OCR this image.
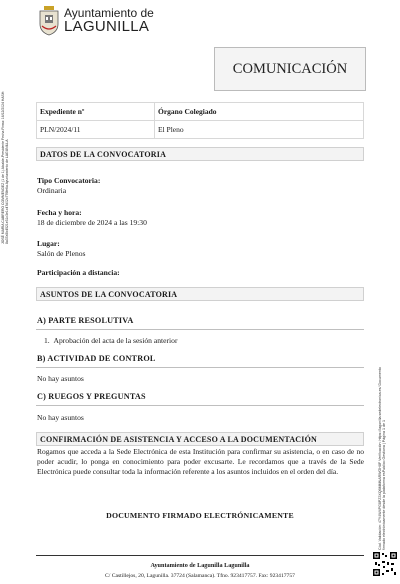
Ayuntamiento de
LAGUNILLA
COMUNICACIÓN
Expediente nº	Órgano Colegiado
PLN/2024/11	El Pleno
DATOS DE LA CONVOCATORIA
Tipo Convocatoria:
Ordinaria
Fecha y hora:
18 de diciembre de 2024 a las 19:30
Lugar:
Salón de Plenos
Participación a distancia:
ASUNTOS DE LA CONVOCATORIA
A) PARTE RESOLUTIVA
1.  Aprobación del acta de la sesión anterior
B) ACTIVIDAD DE CONTROL
No hay asuntos
C) RUEGOS Y PREGUNTAS
No hay asuntos
CONFIRMACIÓN DE ASISTENCIA Y ACCESO A LA DOCUMENTACIÓN
Rogamos que acceda a la Sede Electrónica de esta Institución para confirmar su asistencia, o en caso de no poder acudir, lo ponga en conocimiento para poder excusarte. Le recordamos que a través de la Sede Electrónica puede consultar toda la información referente a los asuntos incluidos en el orden del día.
DOCUMENTO FIRMADO ELECTRÓNICAMENTE
Ayuntamiento de Lagunilla Lagunilla
C/ Castillejos, 20, Lagunilla. 37724 (Salamanca). Tfno. 923417757. Fax: 923417757
JOSÉ MARÍA CABRERO COMMENDEZ (1 de 1) Alcalde-Presidente Fecha Firma: 16/12/2024 HASH: 8a37a5b4521e31c3e1c47d02c776fe6a Ayuntamiento de LAGUNILLA
Cód. Validación: 47Y4W4PG8PZ3XQ6MMNARWGH8F Verificación: https://lagunilla.sedelectronica.es/ Documento firmado electrónicamente desde la plataforma esPublico Gestiona | Página 1 de 1
